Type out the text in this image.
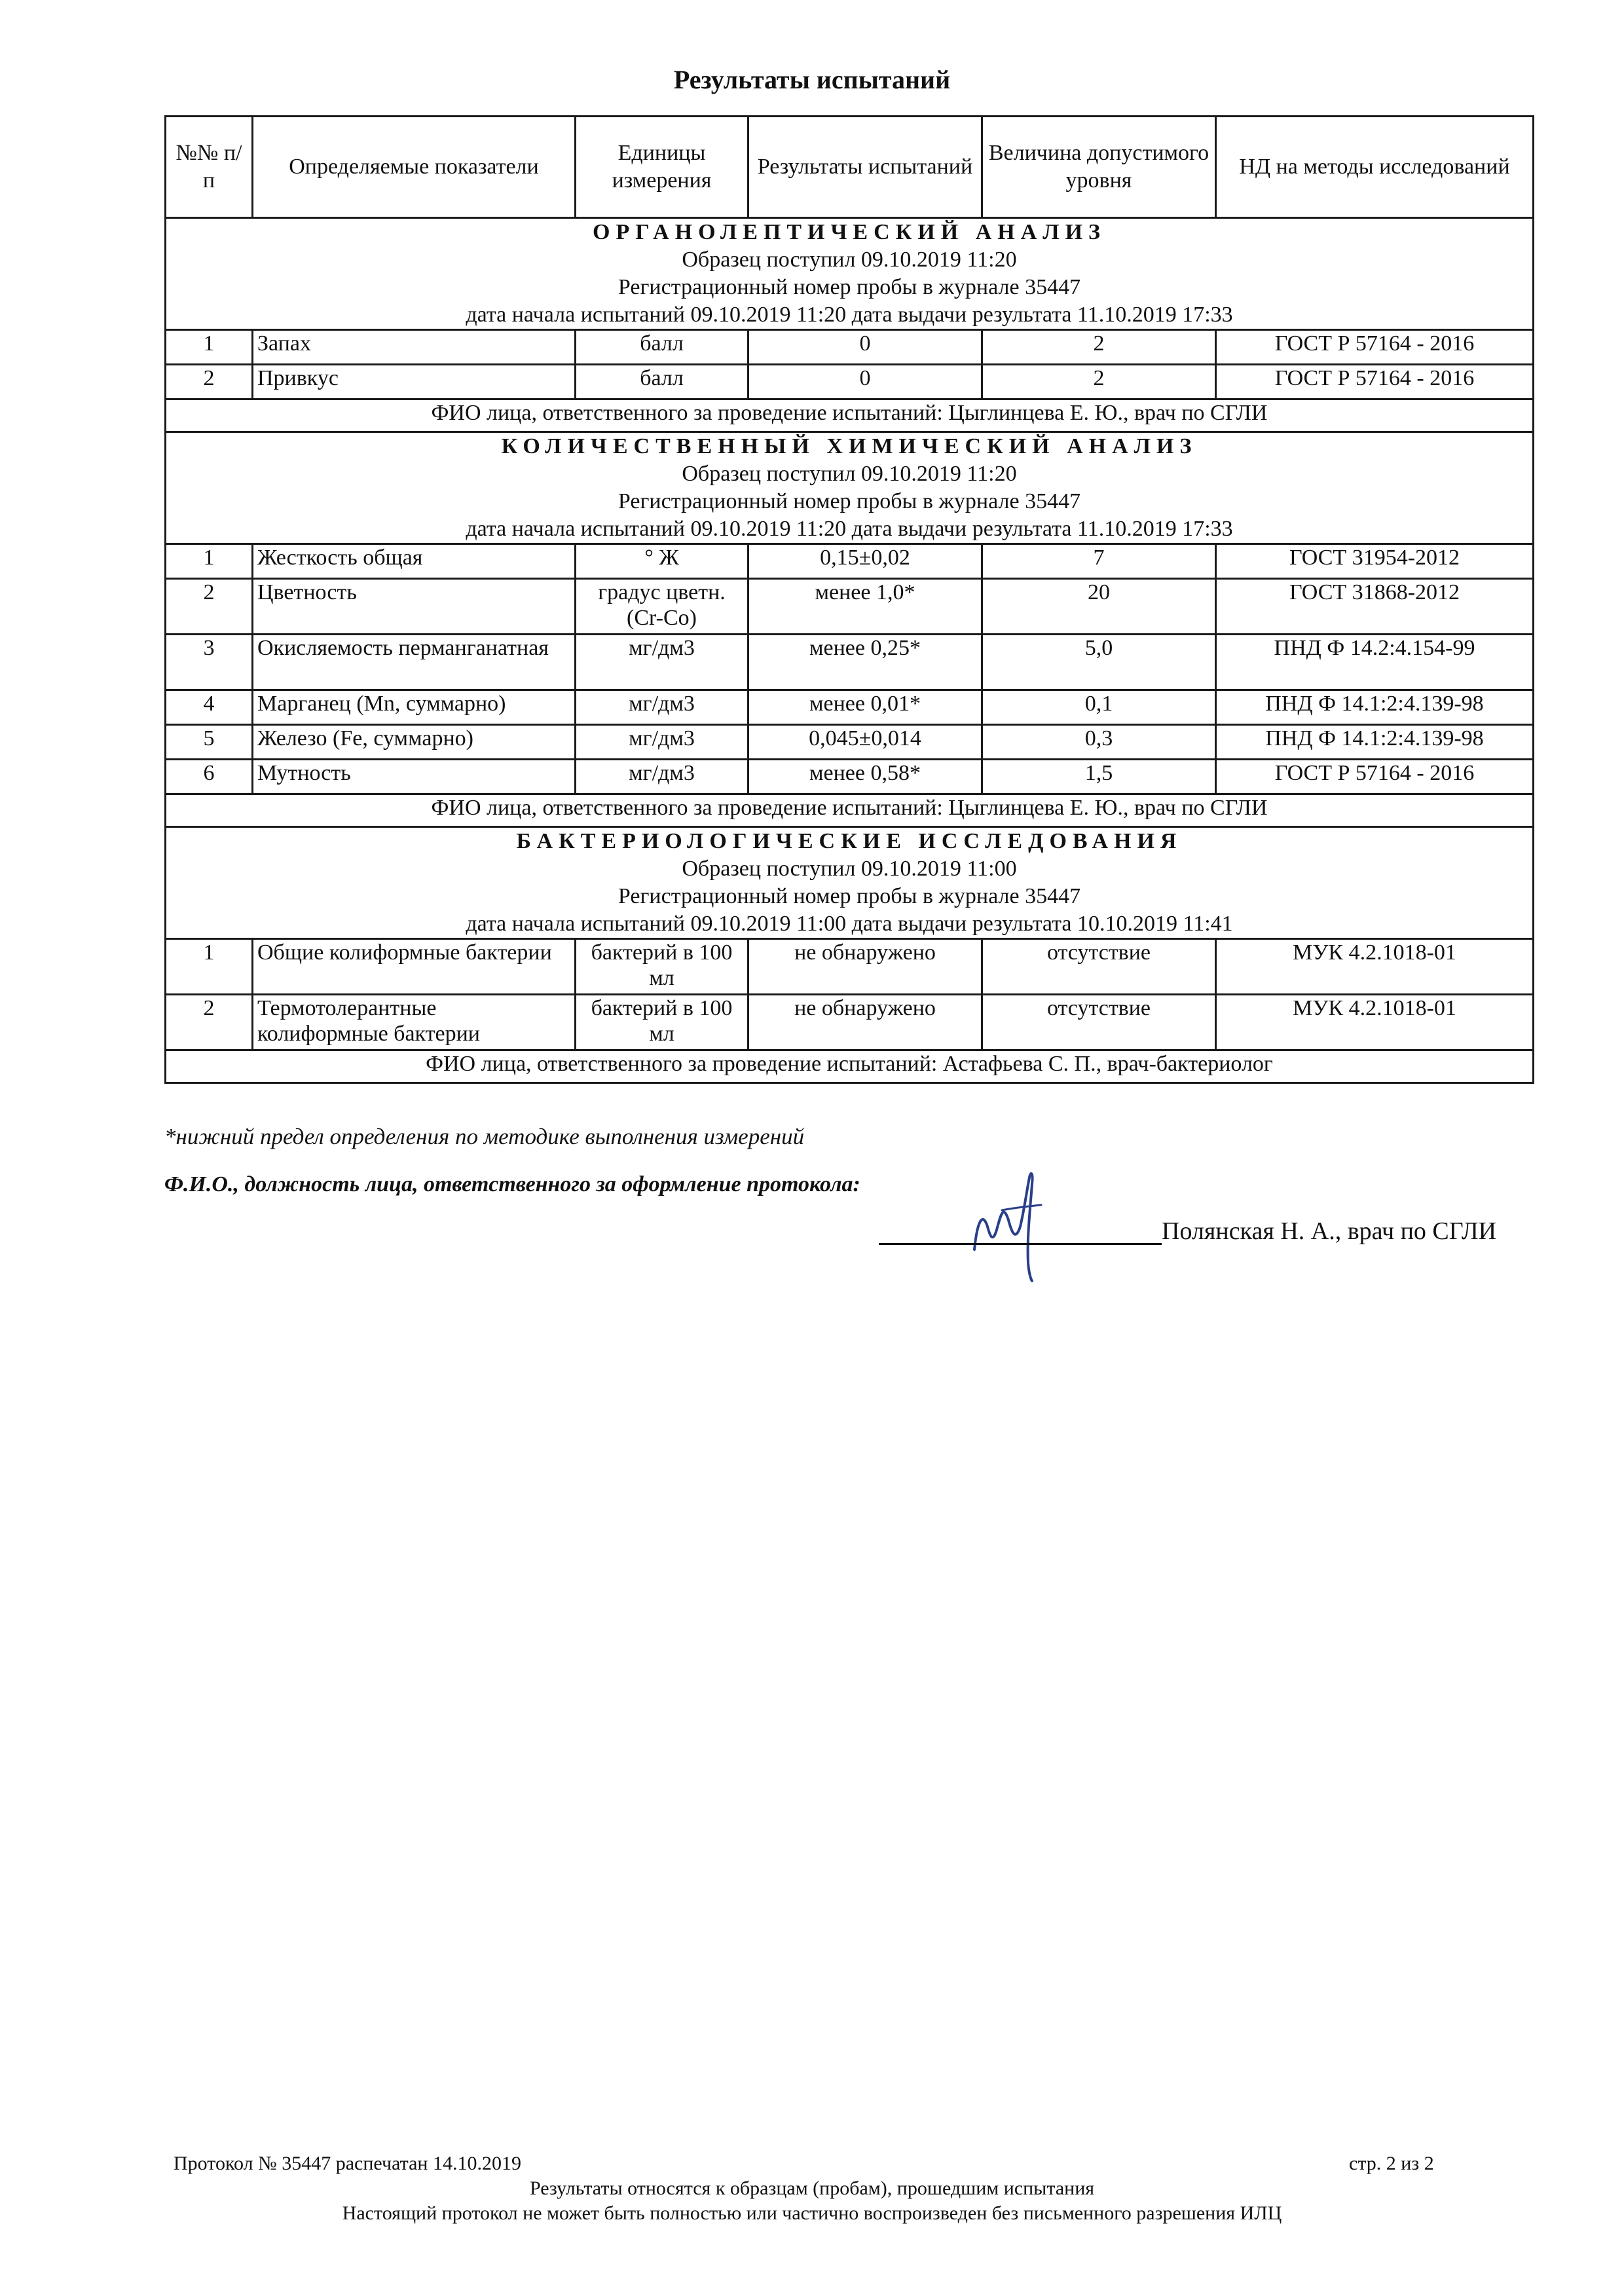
Результаты испытаний
№№ п/п	Определяемые показатели	Единицы измерения	Результаты испытаний	Величина допустимого уровня	НД на методы исследований

ОРГАНОЛЕПТИЧЕСКИЙ АНАЛИЗ
Образец поступил 09.10.2019 11:20
Регистрационный номер пробы в журнале 35447
дата начала испытаний 09.10.2019 11:20 дата выдачи результата 11.10.2019 17:33					

1	Запах	балл	0	2	ГОСТ Р 57164 - 2016
2	Привкус	балл	0	2	ГОСТ Р 57164 - 2016
ФИО лица, ответственного за проведение испытаний: Цыглинцева Е. Ю., врач по СГЛИ					

КОЛИЧЕСТВЕННЫЙ ХИМИЧЕСКИЙ АНАЛИЗ
Образец поступил 09.10.2019 11:20
Регистрационный номер пробы в журнале 35447
дата начала испытаний 09.10.2019 11:20 дата выдачи результата 11.10.2019 17:33					

1	Жесткость общая	° Ж	0,15±0,02	7	ГОСТ 31954-2012
2	Цветность	градус цветн.(Cr-Co)	менее 1,0*	20	ГОСТ 31868-2012
3	Окисляемость перманганатная	мг/дм3	менее 0,25*	5,0	ПНД Ф 14.2:4.154-99
4	Марганец (Mn, суммарно)	мг/дм3	менее 0,01*	0,1	ПНД Ф 14.1:2:4.139-98
5	Железо (Fe, суммарно)	мг/дм3	0,045±0,014	0,3	ПНД Ф 14.1:2:4.139-98
6	Мутность	мг/дм3	менее 0,58*	1,5	ГОСТ Р 57164 - 2016
ФИО лица, ответственного за проведение испытаний: Цыглинцева Е. Ю., врач по СГЛИ					

БАКТЕРИОЛОГИЧЕСКИЕ ИССЛЕДОВАНИЯ
Образец поступил 09.10.2019 11:00
Регистрационный номер пробы в журнале 35447
дата начала испытаний 09.10.2019 11:00 дата выдачи результата 10.10.2019 11:41					

1	Общие колиформные бактерии	бактерий в 100 мл	не обнаружено	отсутствие	МУК 4.2.1018-01
2	Термотолерантные колиформные бактерии	бактерий в 100 мл	не обнаружено	отсутствие	МУК 4.2.1018-01
ФИО лица, ответственного за проведение испытаний: Астафьева С. П., врач-бактериолог					
*нижний предел определения по методике выполнения измерений
Ф.И.О., должность лица, ответственного за оформление протокола:
Полянская Н. А., врач по СГЛИ
Протокол № 35447 распечатан 14.10.2019	стр. 2 из 2
Результаты относятся к образцам (пробам), прошедшим испытания
Настоящий протокол не может быть полностью или частично воспроизведен без письменного разрешения ИЛЦ
